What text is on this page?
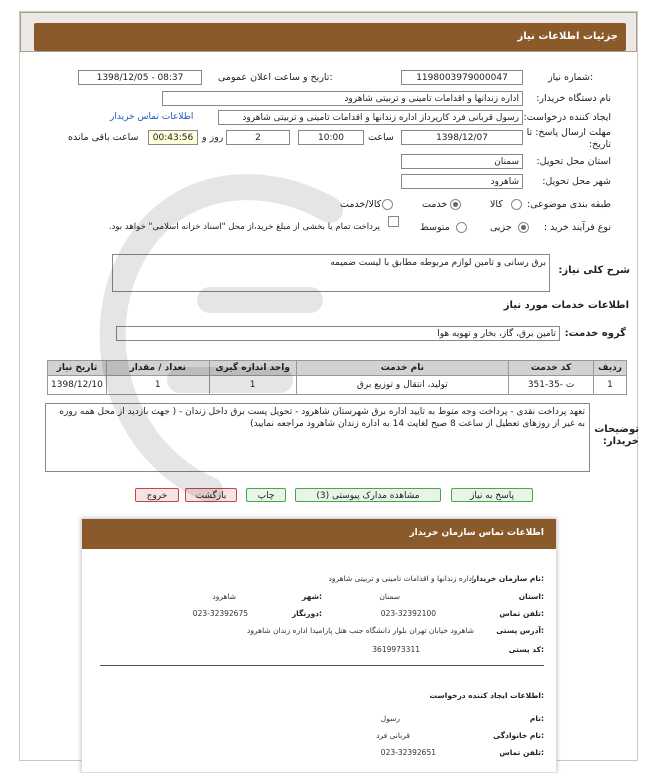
جزئیات اطلاعات نیاز
شماره نیاز:
1198003979000047
تاریخ و ساعت اعلان عمومی:
1398/12/05 - 08:37
نام دستگاه خریدار:
اداره زندانها و اقدامات تامینی و تربیتی شاهرود
ایجاد کننده درخواست:
رسول قربانی فرد کارپرداز اداره زندانها و اقدامات تامینی و تربیتی شاهرود
اطلاعات تماس خریدار
مهلت ارسال پاسخ: تا تاریخ:
1398/12/07
ساعت
10:00
2
روز و
00:43:56
ساعت باقی مانده
استان محل تحویل:
سمنان
شهر محل تحویل:
شاهرود
طبقه بندی موضوعی:
کالا
خدمت
کالا/خدمت
نوع فرآیند خرید :
جزیی
متوسط
پرداخت تمام یا بخشی از مبلغ خرید،از محل "اسناد خزانه اسلامی" خواهد بود.
شرح کلی نیاز:
برق رسانی و تامین لوازم مربوطه مطابق با لیست ضمیمه
اطلاعات خدمات مورد نیاز
گروه خدمت:
تامین برق، گاز، بخار و تهویه هوا
ردیف	کد خدمت	نام خدمت	واحد اندازه گیری	تعداد / مقدار	تاریخ نیاز
1	ت -35-351	تولید، انتقال و توزیع برق	1	1	1398/12/10
توضیحات خریدار:
تعهد پرداخت نقدی - پرداخت وجه منوط به تایید اداره برق شهرستان شاهرود - تحویل پست برق داخل زندان - ( جهت بازدید از محل همه روزه به غیر از روزهای تعطیل از ساعت 8 صبح لغایت 14 به اداره زندان شاهرود مراجعه نمایید)
پاسخ به نیاز
مشاهده مدارک پیوستی (3)
چاپ
بازگشت
خروج
اطلاعات تماس سازمان خریدار
نام سازمان خریدار:
اداره زندانها و اقدامات تامینی و تربیتی شاهرود
استان:
سمنان
شهر:
شاهرود
تلفن تماس:
023-32392100
دورنگار:
023-32392675
آدرس پستی:
شاهرود خیابان تهران بلوار دانشگاه جنب هتل پارامیدا اداره زندان شاهرود
کد پستی:
3619973311
اطلاعات ایجاد کننده درخواست:
نام:
رسول
نام خانوادگی:
قربانی فرد
تلفن تماس:
023-32392651
